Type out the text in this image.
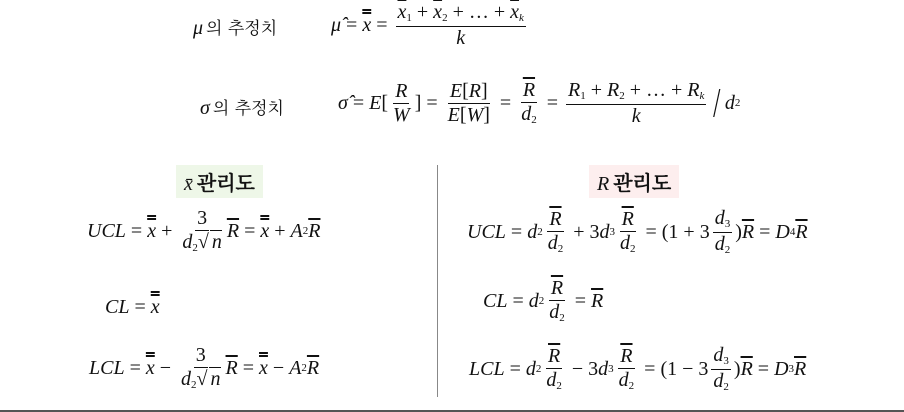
μ 의 추정치	μ̂ = $x = \frac{\overline{x}_1 + \overline{x}_2 + \dots + \overline{x}_k}{k}$
σ 의 추정치	σ̂ = E [ $\frac{R}{W}$ ] = $\frac{E[R]}{E[W]} = \frac{\overline{R}}{d_2} = \frac{R_1 + R_2 + \dots + R_k}{k} / d$ 2
x̄ 관리도	R 관리도
UCL = $x + \frac{3}{d_2√ n} \overline{R} = x + A$ 2 $\overline{R}$
CL = x
LCL = $x - \frac{3}{d_2√ n} \overline{R} = x - A$ 2 $\overline{R}$
UCL = d $2 \frac{\overline{R}}{d_2} + 3$ d $3 \frac{\overline{R}}{d_2} = (1 + 3 \frac{d_3}{d_2}$ ) $\overline{R} = D$ 4 $\overline{R}$
CL = d $2 \frac{\overline{R}}{d_2} = \overline{R}$
LCL = d $2 \frac{\overline{R}}{d_2} - 3$ d $3 \frac{\overline{R}}{d_2} = (1 - 3 \frac{d_3}{d_2}$ ) $\overline{R} = D$ 3 $\overline{R}$
